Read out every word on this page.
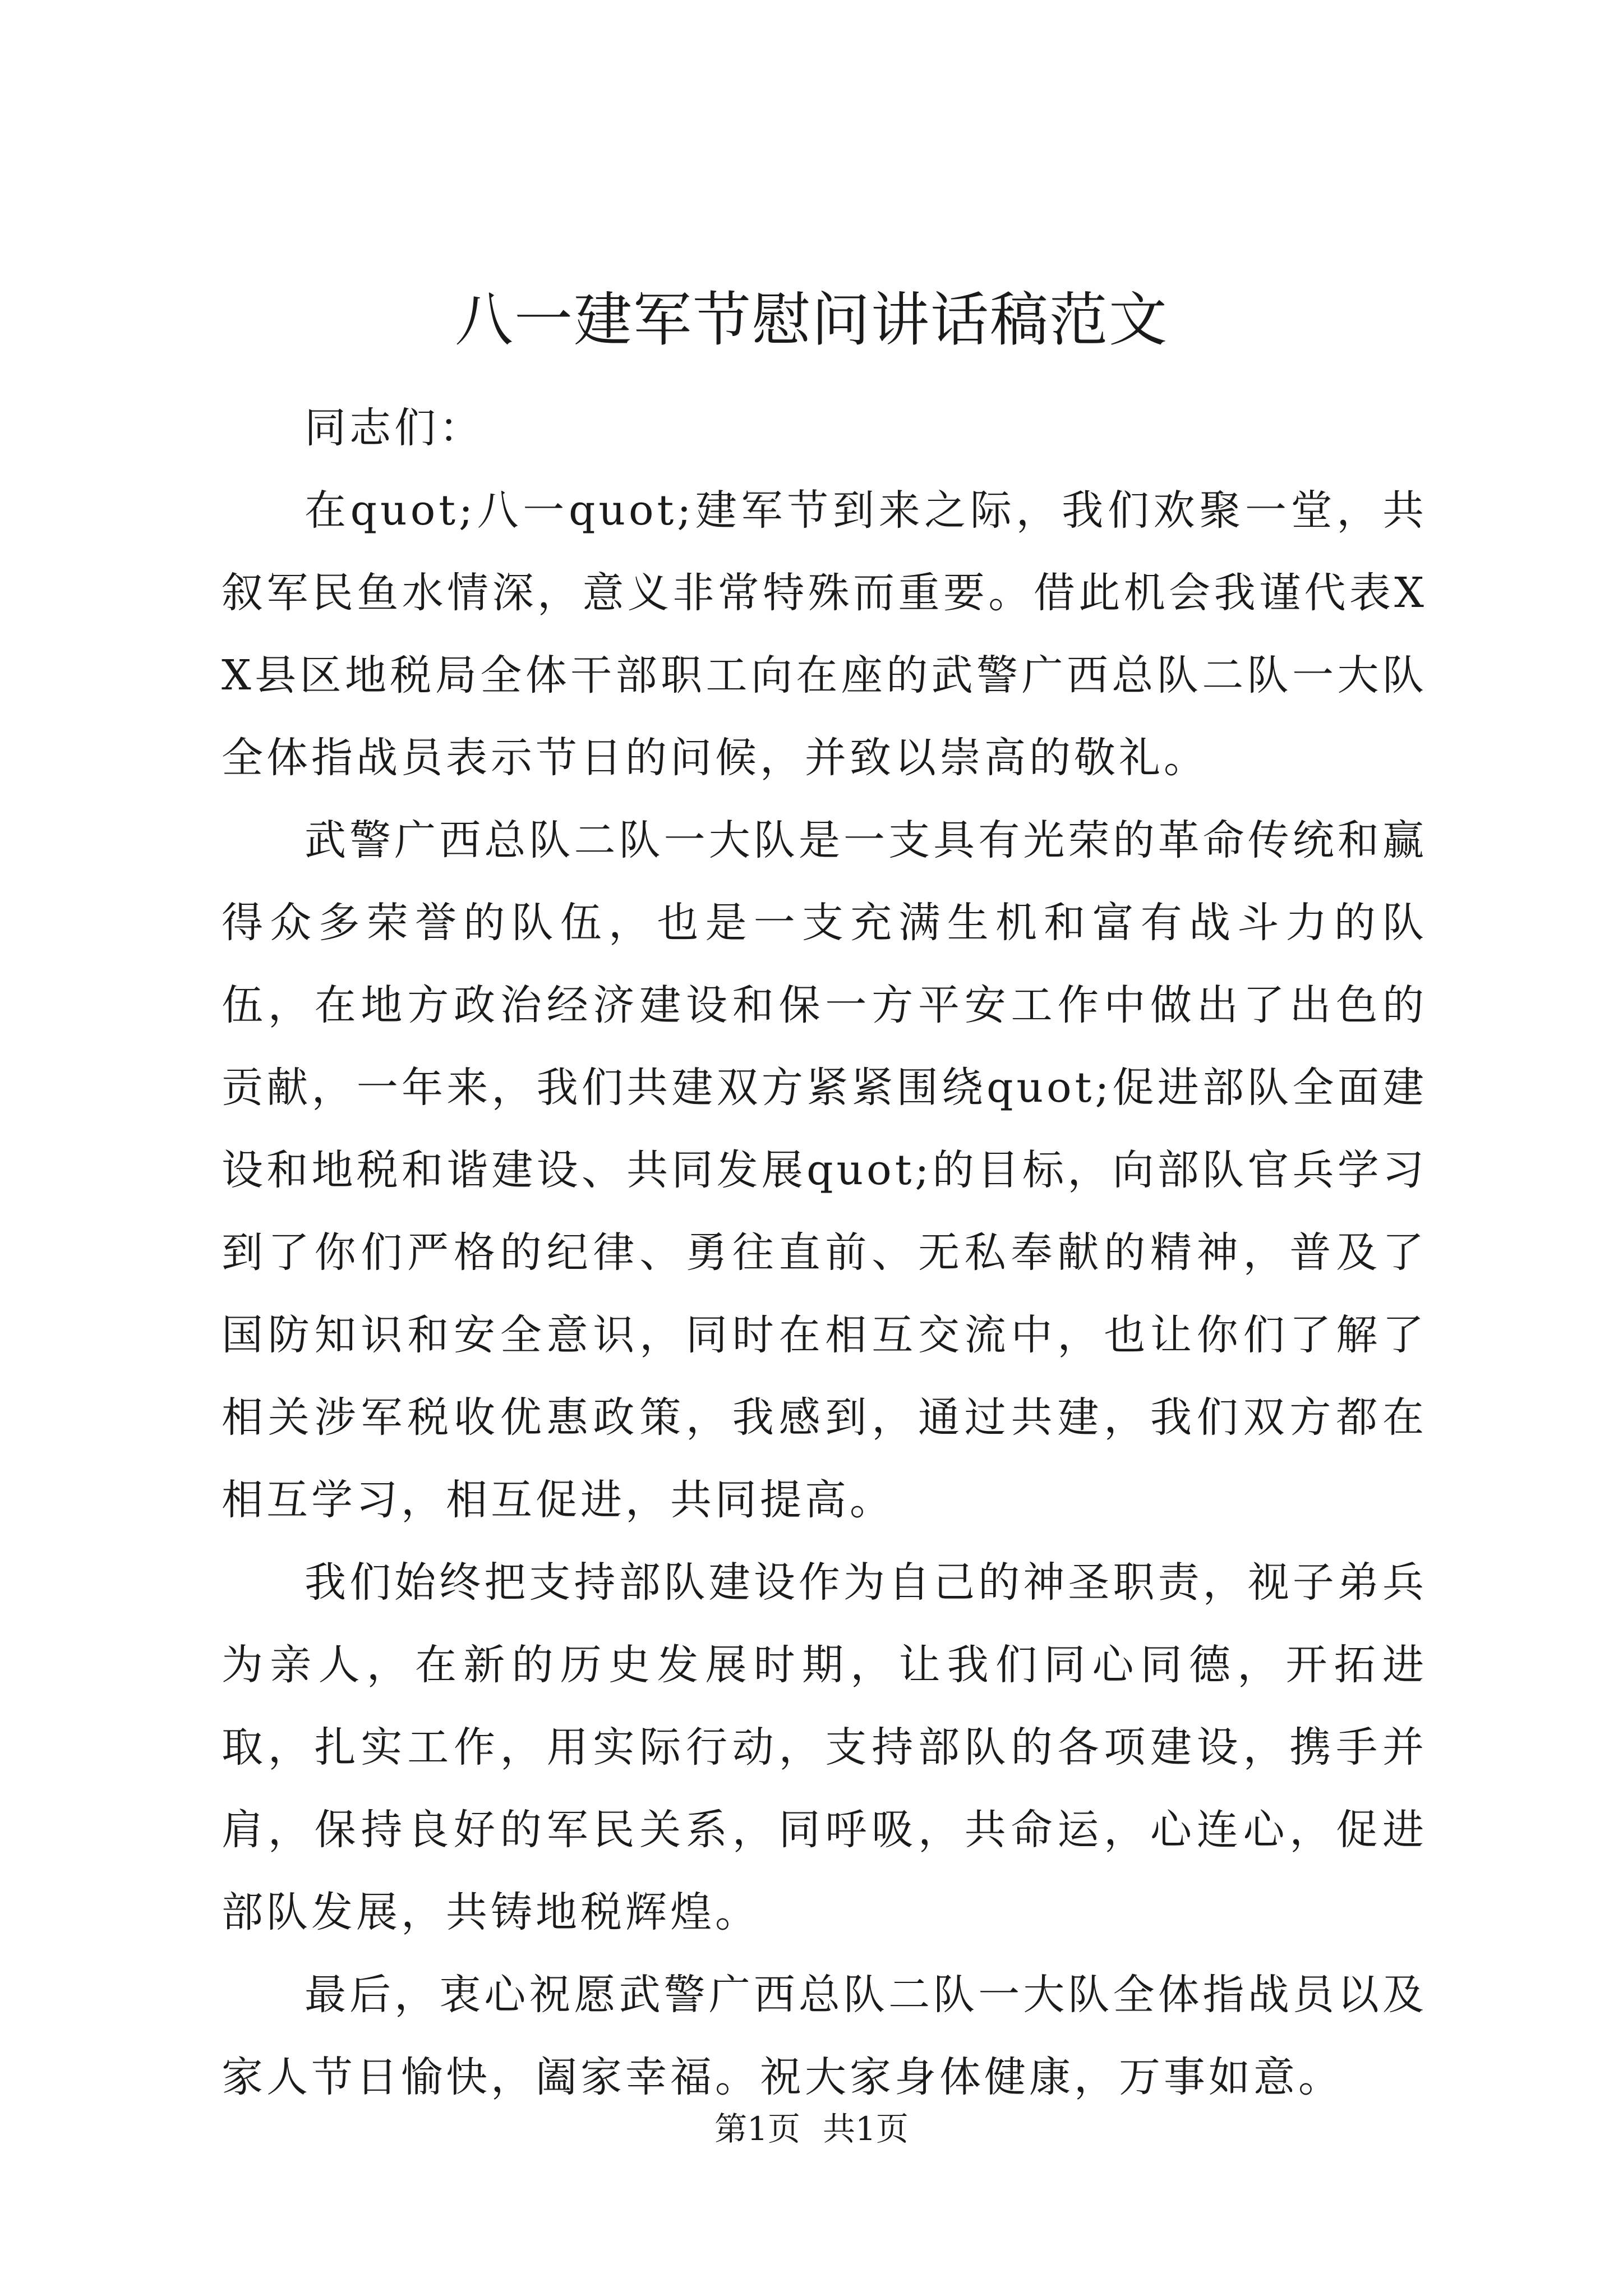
八一建军节慰问讲话稿范文

同志们：

在quot;八一quot;建军节到来之际，我们欢聚一堂，共叙军民鱼水情深，意义非常特殊而重要。借此机会我谨代表XX县区地税局全体干部职工向在座的武警广西总队二队一大队全体指战员表示节日的问候，并致以崇高的敬礼。

武警广西总队二队一大队是一支具有光荣的革命传统和赢得众多荣誉的队伍，也是一支充满生机和富有战斗力的队伍，在地方政治经济建设和保一方平安工作中做出了出色的贡献，一年来，我们共建双方紧紧围绕quot;促进部队全面建设和地税和谐建设、共同发展quot;的目标，向部队官兵学习到了你们严格的纪律、勇往直前、无私奉献的精神，普及了国防知识和安全意识，同时在相互交流中，也让你们了解了相关涉军税收优惠政策，我感到，通过共建，我们双方都在相互学习，相互促进，共同提高。

我们始终把支持部队建设作为自己的神圣职责，视子弟兵为亲人，在新的历史发展时期，让我们同心同德，开拓进取，扎实工作，用实际行动，支持部队的各项建设，携手并肩，保持良好的军民关系，同呼吸，共命运，心连心，促进部队发展，共铸地税辉煌。

最后，衷心祝愿武警广西总队二队一大队全体指战员以及家人节日愉快，阖家幸福。祝大家身体健康，万事如意。

第1页 共1页
